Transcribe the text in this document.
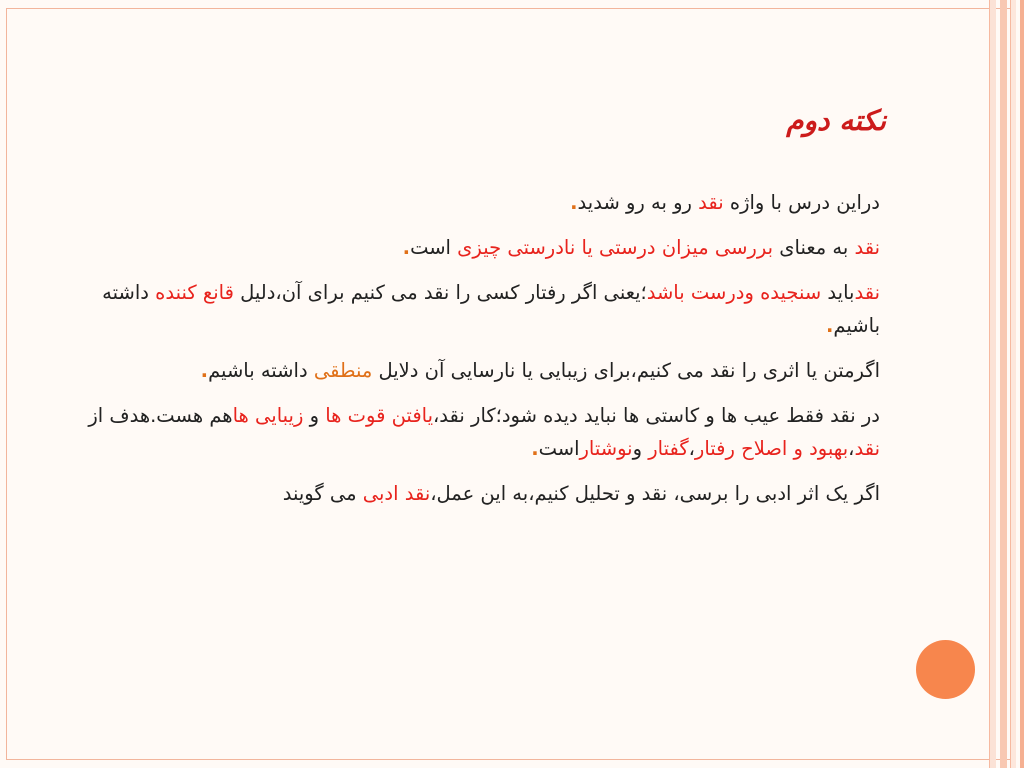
نکته دوم
دراین درس با واژه نقد رو به رو شدید.
نقد به معنای بررسی میزان درستی یا نادرستی چیزی است.
نقدباید سنجیده ودرست باشد؛یعنی اگر رفتار کسی را نقد می کنیم برای آن،دلیل قانع کننده داشته باشیم.
اگرمتن یا اثری را نقد می کنیم،برای زیبایی یا نارسایی آن دلایل منطقی داشته باشیم.
در نقد فقط عیب ها و کاستی ها نباید دیده شود؛کار نقد،یافتن قوت ها و زیبایی هاهم هست.هدف از نقد،بهبود و اصلاح رفتار،گفتار ونوشتاراست.
اگر یک اثر ادبی را برسی، نقد و تحلیل کنیم،به این عمل،نقد ادبی می گویند
